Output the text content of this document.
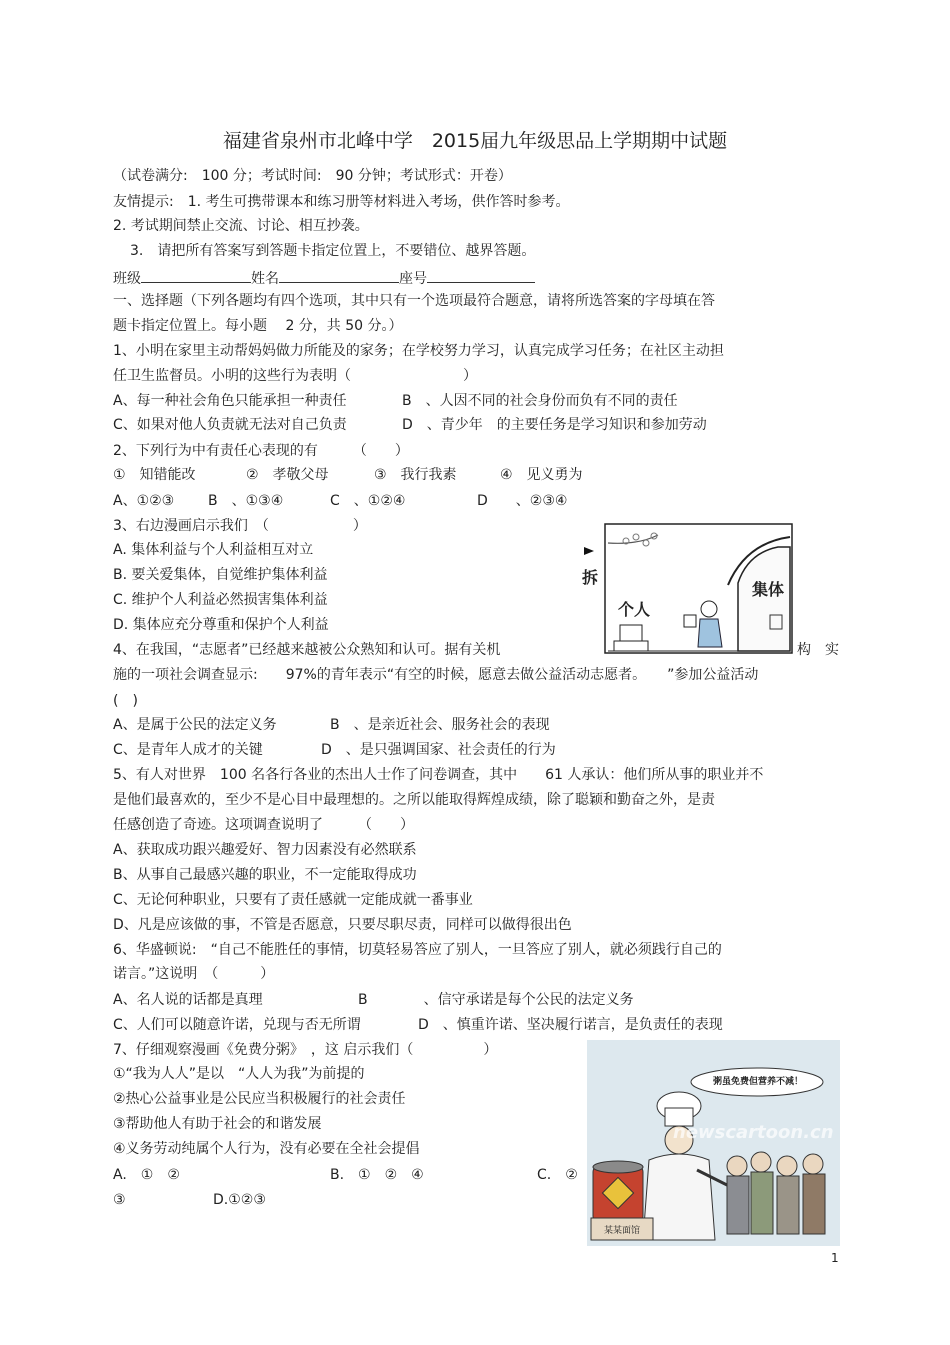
福建省泉州市北峰中学　2015届九年级思品上学期期中试题
（试卷满分:　100 分；考试时间:　90 分钟；考试形式：开卷）
友情提示:　1. 考生可携带课本和练习册等材料进入考场，供作答时参考。
2. 考试期间禁止交流、讨论、相互抄袭。
3.　请把所有答案写到答题卡指定位置上，不要错位、越界答题。
班级	姓名	座号
一、选择题（下列各题均有四个选项，其中只有一个选项最符合题意，请将所选答案的字母填在答
题卡指定位置上。每小题　 2 分，共 50 分。）
1、小明在家里主动帮妈妈做力所能及的家务；在学校努力学习，认真完成学习任务；在社区主动担
任卫生监督员。小明的这些行为表明（　　　　　　　　）
A、每一种社会角色只能承担一种责任	B　、人因不同的社会身份而负有不同的责任
C、如果对他人负责就无法对自己负责	D　、青少年　的主要任务是学习知识和参加劳动
2、下列行为中有责任心表现的有　　　（　　）
①　知错能改	②　孝敬父母	③　我行我素	④　见义勇为
A、①②③ B　、①③④	C　、①②④	D　　、②③④
3、右边漫画启示我们　（　　　　　　）
A. 集体利益与个人利益相互对立
B. 要关爱集体，自觉维护集体利益
C. 维护个人利益必然损害集体利益
D. 集体应充分尊重和保护个人利益
拆
个人
集体
4、在我国，“志愿者”已经越来越被公众熟知和认可。据有关机	构　实
施的一项社会调查显示:　　97%的青年表示“有空的时候，愿意去做公益活动志愿者。　　”参加公益活动
(　)
A、是属于公民的法定义务	B　、是亲近社会、服务社会的表现
C、是青年人成才的关键	D　、是只强调国家、社会责任的行为
5、有人对世界　100 名各行各业的杰出人士作了问卷调查，其中　　61 人承认：他们所从事的职业并不
是他们最喜欢的，至少不是心目中最理想的。之所以能取得辉煌成绩，除了聪颖和勤奋之外，是责
任感创造了奇迹。这项调查说明了　　　（　　）
A、获取成功跟兴趣爱好、智力因素没有必然联系
B、从事自己最感兴趣的职业，不一定能取得成功
C、无论何种职业，只要有了责任感就一定能成就一番事业
D、凡是应该做的事，不管是否愿意，只要尽职尽责，同样可以做得很出色
6、华盛顿说:　“自己不能胜任的事情，切莫轻易答应了别人，一旦答应了别人，就必须践行自己的
诺言。”这说明　（　　　）
A、名人说的话都是真理	B　　　　、信守承诺是每个公民的法定义务
C、人们可以随意许诺，兑现与否无所谓	D　、慎重许诺、坚决履行诺言，是负责任的表现
7、仔细观察漫画《免费分粥》　，这 启示我们（　　　　　）
①“我为人人”是以　“人人为我”为前提的
②热心公益事业是公民应当积极履行的社会责任
③帮助他人有助于社会的和谐发展
④义务劳动纯属个人行为，没有必要在全社会提倡
A.　①　②	B.　①　②　④	C.　②
③	D.①②③
粥虽免费但营养不减！
某某面馆
newscartoon.cn
1
